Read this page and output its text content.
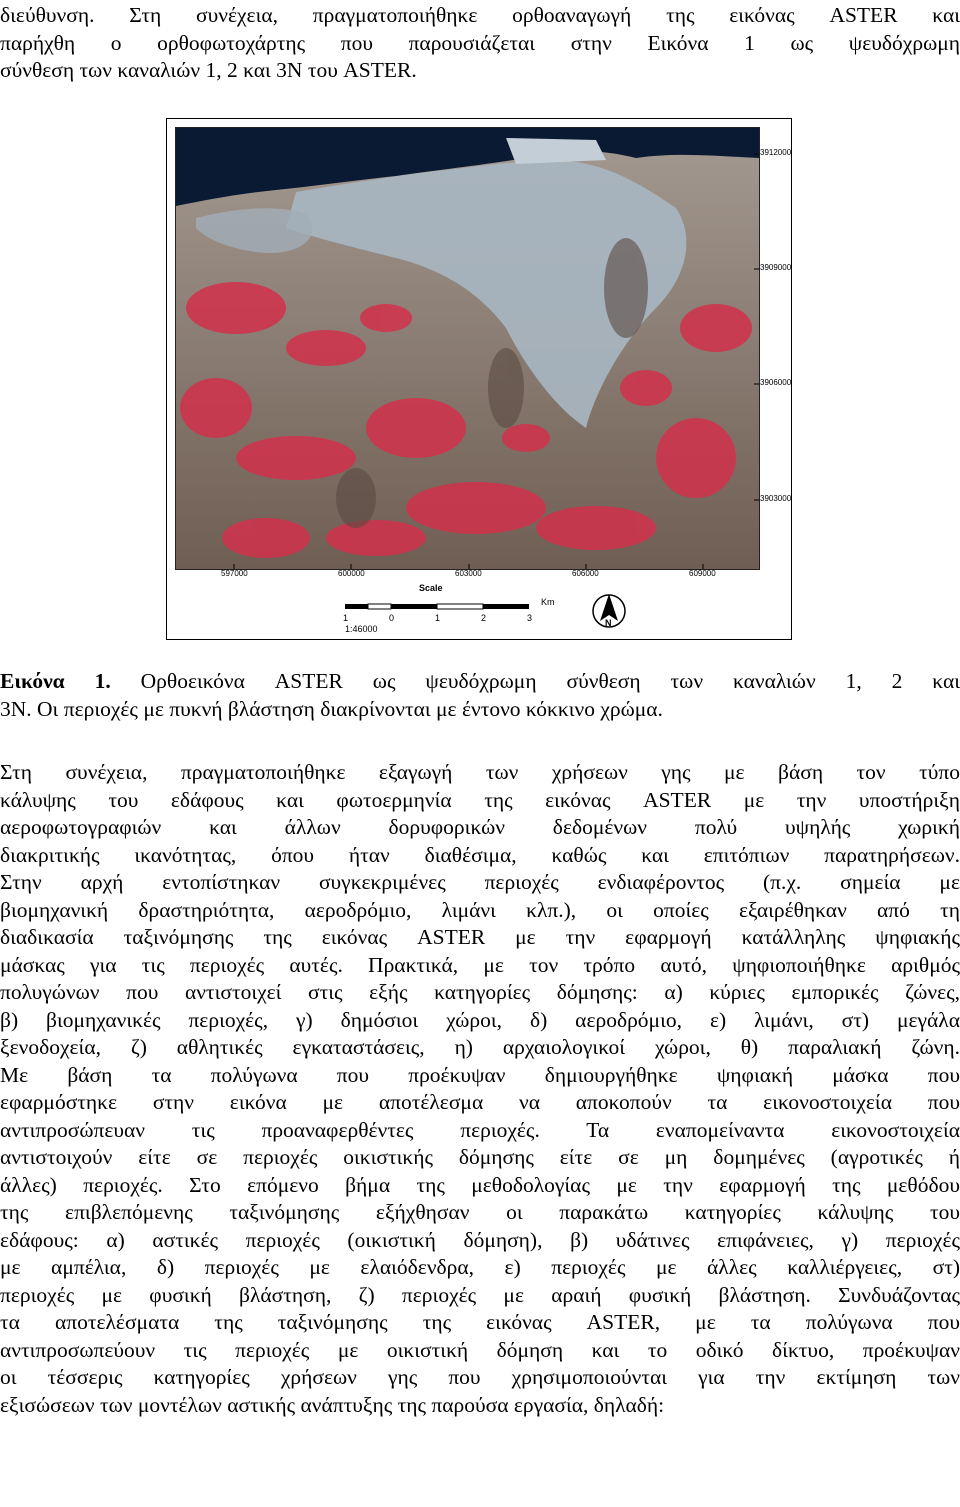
διεύθυνση. Στη συνέχεια, πραγματοποιήθηκε ορθοαναγωγή της εικόνας ASTER και
παρήχθη ο ορθοφωτοχάρτης που παρουσιάζεται στην Εικόνα 1 ως ψευδόχρωμη
σύνθεση των καναλιών 1, 2 και 3N του ASTER.
597000	600000	603000	606000	609000
3912000
3909000
3906000
3903000
Scale
Km
1	0	1	2	3
1:46000
N
Εικόνα 1. Ορθοεικόνα ASTER ως ψευδόχρωμη σύνθεση των καναλιών 1, 2 και
3N. Οι περιοχές με πυκνή βλάστηση διακρίνονται με έντονο κόκκινο χρώμα.
Στη συνέχεια, πραγματοποιήθηκε εξαγωγή των χρήσεων γης με βάση τον τύπο
κάλυψης του εδάφους και φωτοερμηνία της εικόνας ASTER με την υποστήριξη
αεροφωτογραφιών και άλλων δορυφορικών δεδομένων πολύ υψηλής χωρική
διακριτικής ικανότητας, όπου ήταν διαθέσιμα, καθώς και επιτόπιων παρατηρήσεων.
Στην αρχή εντοπίστηκαν συγκεκριμένες περιοχές ενδιαφέροντος (π.χ. σημεία με
βιομηχανική δραστηριότητα, αεροδρόμιο, λιμάνι κλπ.), οι οποίες εξαιρέθηκαν από τη
διαδικασία ταξινόμησης της εικόνας ASTER με την εφαρμογή κατάλληλης ψηφιακής
μάσκας για τις περιοχές αυτές. Πρακτικά, με τον τρόπο αυτό, ψηφιοποιήθηκε αριθμός
πολυγώνων που αντιστοιχεί στις εξής κατηγορίες δόμησης: α) κύριες εμπορικές ζώνες,
β) βιομηχανικές περιοχές, γ) δημόσιοι χώροι, δ) αεροδρόμιο, ε) λιμάνι, στ) μεγάλα
ξενοδοχεία, ζ) αθλητικές εγκαταστάσεις, η) αρχαιολογικοί χώροι, θ) παραλιακή ζώνη.
Με βάση τα πολύγωνα που προέκυψαν δημιουργήθηκε ψηφιακή μάσκα που
εφαρμόστηκε στην εικόνα με αποτέλεσμα να αποκοπούν τα εικονοστοιχεία που
αντιπροσώπευαν τις προαναφερθέντες περιοχές. Τα εναπομείναντα εικονοστοιχεία
αντιστοιχούν είτε σε περιοχές οικιστικής δόμησης είτε σε μη δομημένες (αγροτικές ή
άλλες) περιοχές. Στο επόμενο βήμα της μεθοδολογίας με την εφαρμογή της μεθόδου
της επιβλεπόμενης ταξινόμησης εξήχθησαν οι παρακάτω κατηγορίες κάλυψης του
εδάφους: α) αστικές περιοχές (οικιστική δόμηση), β) υδάτινες επιφάνειες, γ) περιοχές
με αμπέλια, δ) περιοχές με ελαιόδενδρα, ε) περιοχές με άλλες καλλιέργειες, στ)
περιοχές με φυσική βλάστηση, ζ) περιοχές με αραιή φυσική βλάστηση. Συνδυάζοντας
τα αποτελέσματα της ταξινόμησης της εικόνας ASTER, με τα πολύγωνα που
αντιπροσωπεύουν τις περιοχές με οικιστική δόμηση και το οδικό δίκτυο, προέκυψαν
οι τέσσερις κατηγορίες χρήσεων γης που χρησιμοποιούνται για την εκτίμηση των
εξισώσεων των μοντέλων αστικής ανάπτυξης της παρούσα εργασία, δηλαδή:
